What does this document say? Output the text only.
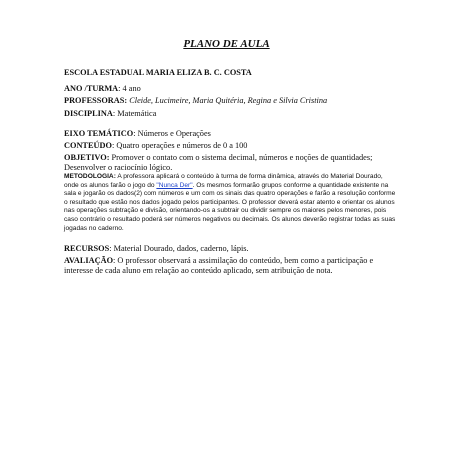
PLANO DE AULA
ESCOLA ESTADUAL MARIA ELIZA B. C. COSTA
ANO /TURMA: 4 ano
PROFESSORAS: Cleide, Lucimeire, Maria Quitéria, Regina e Silvia Cristina
DISCIPLINA: Matemática
EIXO TEMÁTICO: Números e Operações
CONTEÚDO: Quatro operações e números de 0 a 100
OBJETIVO: Promover o contato com o sistema decimal, números e noções de quantidades; Desenvolver o raciocínio lógico.
METODOLOGIA: A professora aplicará o conteúdo à turma de forma dinâmica, através do Material Dourado, onde os alunos farão o jogo do "Nunca Der". Os mesmos formarão grupos conforme a quantidade existente na sala e jogarão os dados(2) com números e um com os sinais das quatro operações e farão a resolução conforme o resultado que estão nos dados jogado pelos participantes. O professor deverá estar atento e orientar os alunos nas operações subtração e divisão, orientando-os a subtrair ou dividir sempre os maiores pelos menores, pois caso contrário o resultado poderá ser números negativos ou decimais. Os alunos deverão registrar todas as suas jogadas no caderno.
RECURSOS: Material Dourado, dados, caderno, lápis.
AVALIAÇÃO: O professor observará a assimilação do conteúdo, bem como a participação e interesse de cada aluno em relação ao conteúdo aplicado, sem atribuição de nota.
